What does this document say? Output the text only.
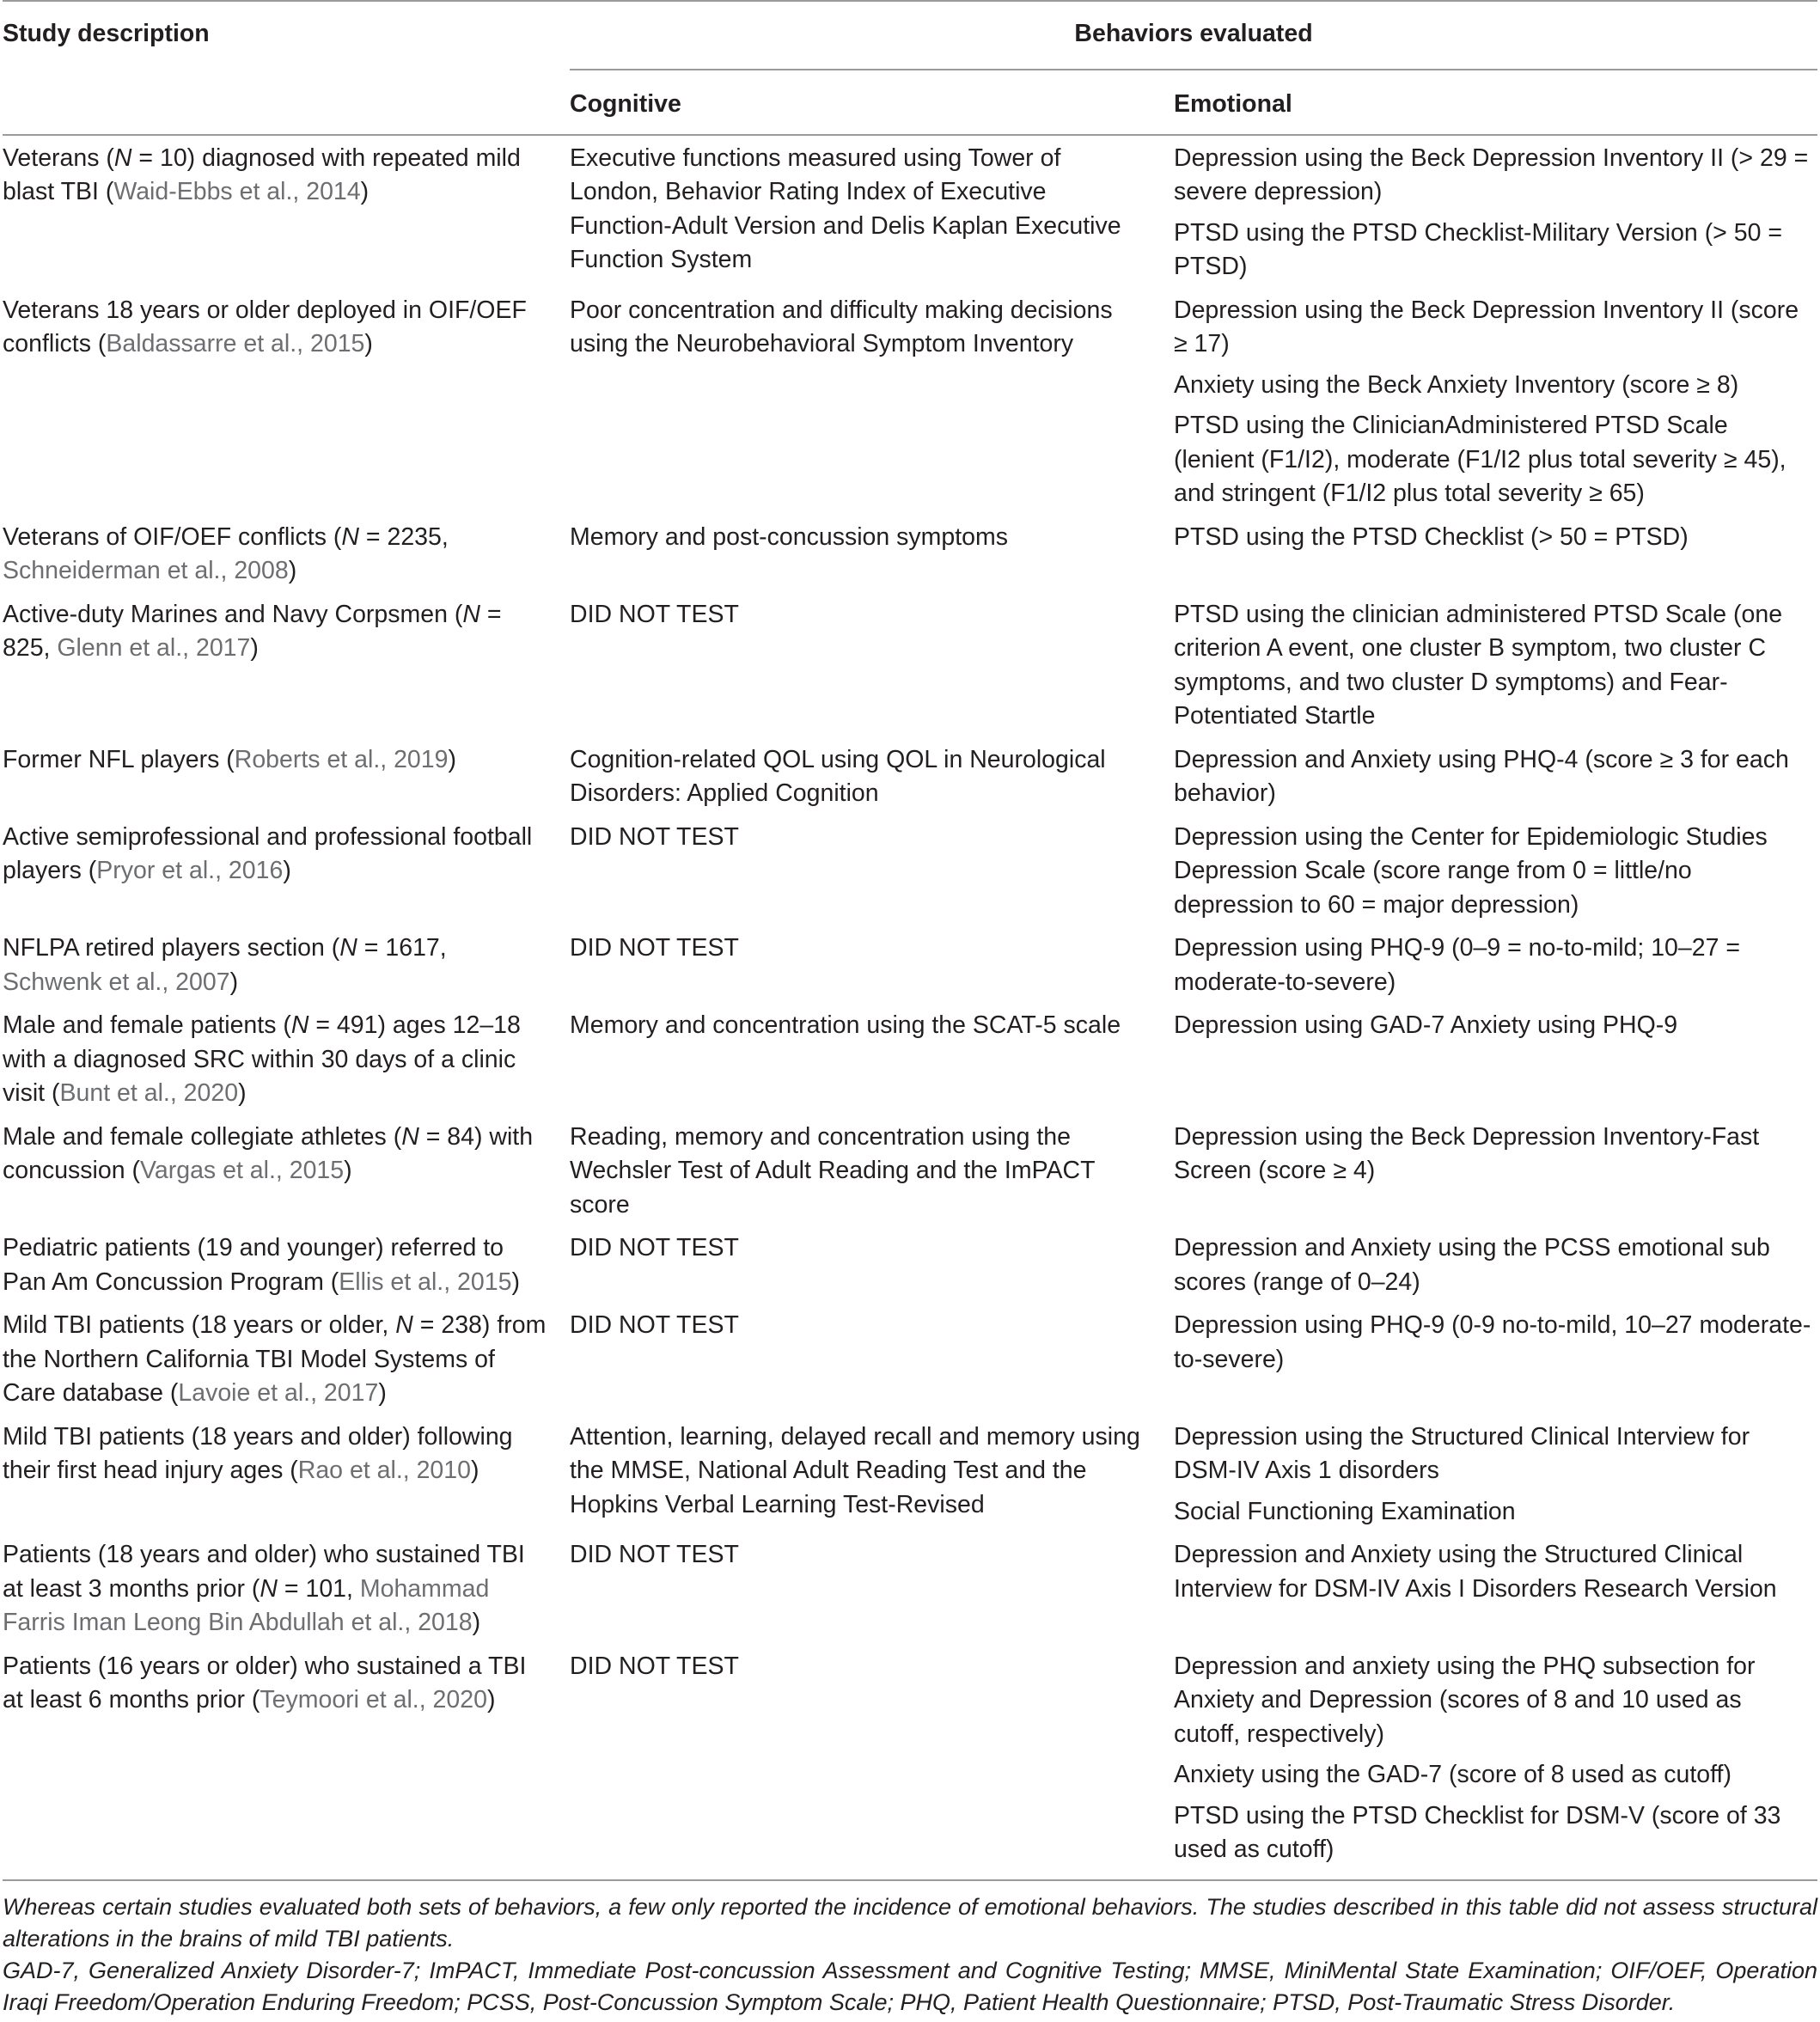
Study description	Behaviors evaluated	
	Cognitive	Emotional
Veterans (N = 10) diagnosed with repeated mild blast TBI (Waid-Ebbs et al., 2014)	Executive functions measured using Tower of London, Behavior Rating Index of Executive Function-Adult Version and Delis Kaplan Executive Function System	Depression using the Beck Depression Inventory II (> 29 = severe depression)
PTSD using the PTSD Checklist-Military Version (> 50 = PTSD)

Veterans 18 years or older deployed in OIF/OEF conflicts (Baldassarre et al., 2015)	Poor concentration and difficulty making decisions using the Neurobehavioral Symptom Inventory	Depression using the Beck Depression Inventory II (score ≥ 17)
Anxiety using the Beck Anxiety Inventory (score ≥ 8)
PTSD using the ClinicianAdministered PTSD Scale (lenient (F1/I2), moderate (F1/I2 plus total severity ≥ 45), and stringent (F1/I2 plus total severity ≥ 65)

Veterans of OIF/OEF conflicts (N = 2235, Schneiderman et al., 2008)	Memory and post-concussion symptoms	PTSD using the PTSD Checklist (> 50 = PTSD)

Active-duty Marines and Navy Corpsmen (N = 825, Glenn et al., 2017)	DID NOT TEST	PTSD using the clinician administered PTSD Scale (one criterion A event, one cluster B symptom, two cluster C symptoms, and two cluster D symptoms) and Fear-Potentiated Startle

Former NFL players (Roberts et al., 2019)	Cognition-related QOL using QOL in Neurological Disorders: Applied Cognition	Depression and Anxiety using PHQ-4 (score ≥ 3 for each behavior)

Active semiprofessional and professional football players (Pryor et al., 2016)	DID NOT TEST	Depression using the Center for Epidemiologic Studies Depression Scale (score range from 0 = little/no depression to 60 = major depression)

NFLPA retired players section (N = 1617, Schwenk et al., 2007)	DID NOT TEST	Depression using PHQ-9 (0–9 = no-to-mild; 10–27 = moderate-to-severe)

Male and female patients (N = 491) ages 12–18 with a diagnosed SRC within 30 days of a clinic visit (Bunt et al., 2020)	Memory and concentration using the SCAT-5 scale	Depression using GAD-7 Anxiety using PHQ-9

Male and female collegiate athletes (N = 84) with concussion (Vargas et al., 2015)	Reading, memory and concentration using the Wechsler Test of Adult Reading and the ImPACT score	Depression using the Beck Depression Inventory-Fast Screen (score ≥ 4)

Pediatric patients (19 and younger) referred to Pan Am Concussion Program (Ellis et al., 2015)	DID NOT TEST	Depression and Anxiety using the PCSS emotional sub scores (range of 0–24)

Mild TBI patients (18 years or older, N = 238) from the Northern California TBI Model Systems of Care database (Lavoie et al., 2017)	DID NOT TEST	Depression using PHQ-9 (0-9 no-to-mild, 10–27 moderate-to-severe)

Mild TBI patients (18 years and older) following their first head injury ages (Rao et al., 2010)	Attention, learning, delayed recall and memory using the MMSE, National Adult Reading Test and the Hopkins Verbal Learning Test-Revised	Depression using the Structured Clinical Interview for DSM-IV Axis 1 disorders
Social Functioning Examination

Patients (18 years and older) who sustained TBI at least 3 months prior (N = 101, Mohammad Farris Iman Leong Bin Abdullah et al., 2018)	DID NOT TEST	Depression and Anxiety using the Structured Clinical Interview for DSM-IV Axis I Disorders Research Version

Patients (16 years or older) who sustained a TBI at least 6 months prior (Teymoori et al., 2020)	DID NOT TEST	Depression and anxiety using the PHQ subsection for Anxiety and Depression (scores of 8 and 10 used as cutoff, respectively)
Anxiety using the GAD-7 (score of 8 used as cutoff)
PTSD using the PTSD Checklist for DSM-V (score of 33 used as cutoff)

Whereas certain studies evaluated both sets of behaviors, a few only reported the incidence of emotional behaviors. The studies described in this table did not assess structural alterations in the brains of mild TBI patients.

GAD-7, Generalized Anxiety Disorder-7; ImPACT, Immediate Post-concussion Assessment and Cognitive Testing; MMSE, MiniMental State Examination; OIF/OEF, Operation Iraqi Freedom/Operation Enduring Freedom; PCSS, Post-Concussion Symptom Scale; PHQ, Patient Health Questionnaire; PTSD, Post-Traumatic Stress Disorder.
